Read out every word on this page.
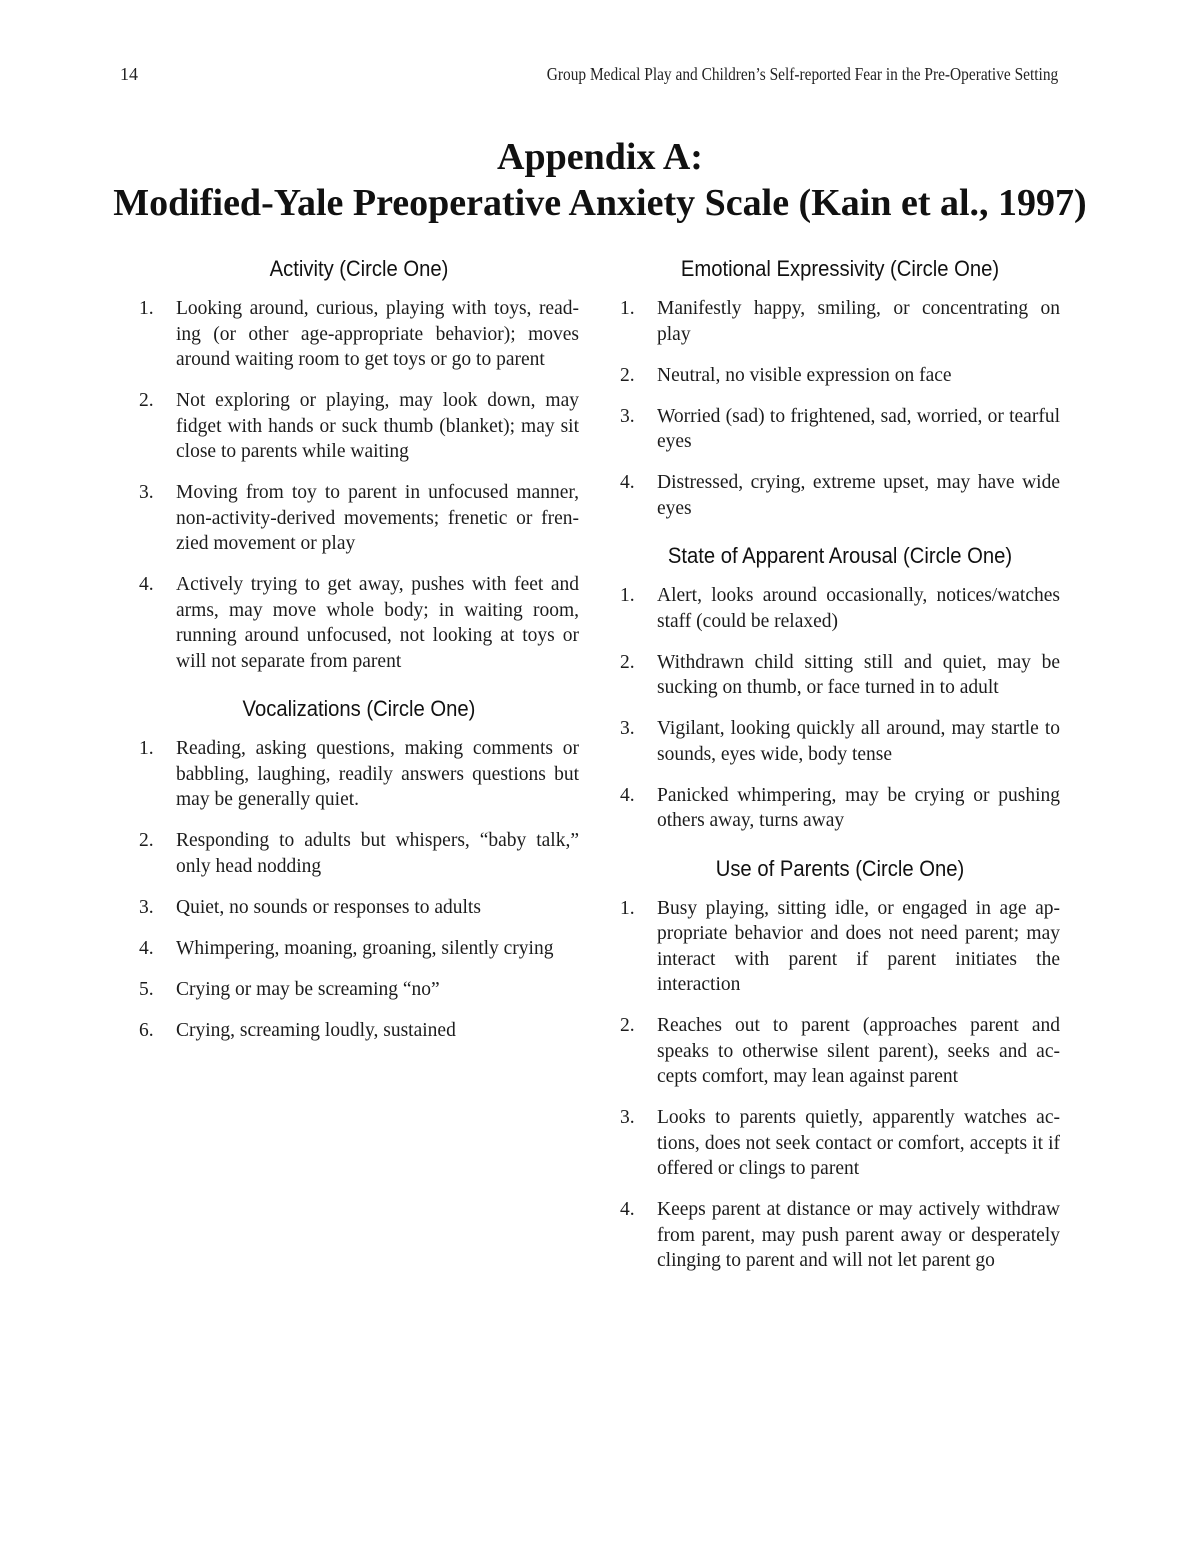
14	Group Medical Play and Children’s Self-reported Fear in the Pre-Operative Setting
Appendix A:
Modified-Yale Preoperative Anxiety Scale (Kain et al., 1997)
Activity (Circle One)
1.	Looking around, curious, playing with toys, reading (or other age-appropriate behavior); moves around waiting room to get toys or go to parent
2.	Not exploring or playing, may look down, may fidget with hands or suck thumb (blanket); may sit close to parents while waiting
3.	Moving from toy to parent in unfocused manner, non-activity-derived movements; frenetic or frenzied movement or play
4.	Actively trying to get away, pushes with feet and arms, may move whole body; in waiting room, running around unfocused, not looking at toys or will not separate from parent
Vocalizations (Circle One)
1.	Reading, asking questions, making comments or babbling, laughing, readily answers questions but may be generally quiet.
2.	Responding to adults but whispers, “baby talk,” only head nodding
3.	Quiet, no sounds or responses to adults
4.	Whimpering, moaning, groaning, silently crying
5.	Crying or may be screaming “no”
6.	Crying, screaming loudly, sustained
Emotional Expressivity (Circle One)
1.	Manifestly happy, smiling, or concentrating on play
2.	Neutral, no visible expression on face
3.	Worried (sad) to frightened, sad, worried, or tearful eyes
4.	Distressed, crying, extreme upset, may have wide eyes
State of Apparent Arousal (Circle One)
1.	Alert, looks around occasionally, notices/watches staff (could be relaxed)
2.	Withdrawn child sitting still and quiet, may be sucking on thumb, or face turned in to adult
3.	Vigilant, looking quickly all around, may startle to sounds, eyes wide, body tense
4.	Panicked whimpering, may be crying or pushing others away, turns away
Use of Parents (Circle One)
1.	Busy playing, sitting idle, or engaged in age appropriate behavior and does not need parent; may interact with parent if parent initiates the interaction
2.	Reaches out to parent (approaches parent and speaks to otherwise silent parent), seeks and accepts comfort, may lean against parent
3.	Looks to parents quietly, apparently watches actions, does not seek contact or comfort, accepts it if offered or clings to parent
4.	Keeps parent at distance or may actively withdraw from parent, may push parent away or desperately clinging to parent and will not let parent go
